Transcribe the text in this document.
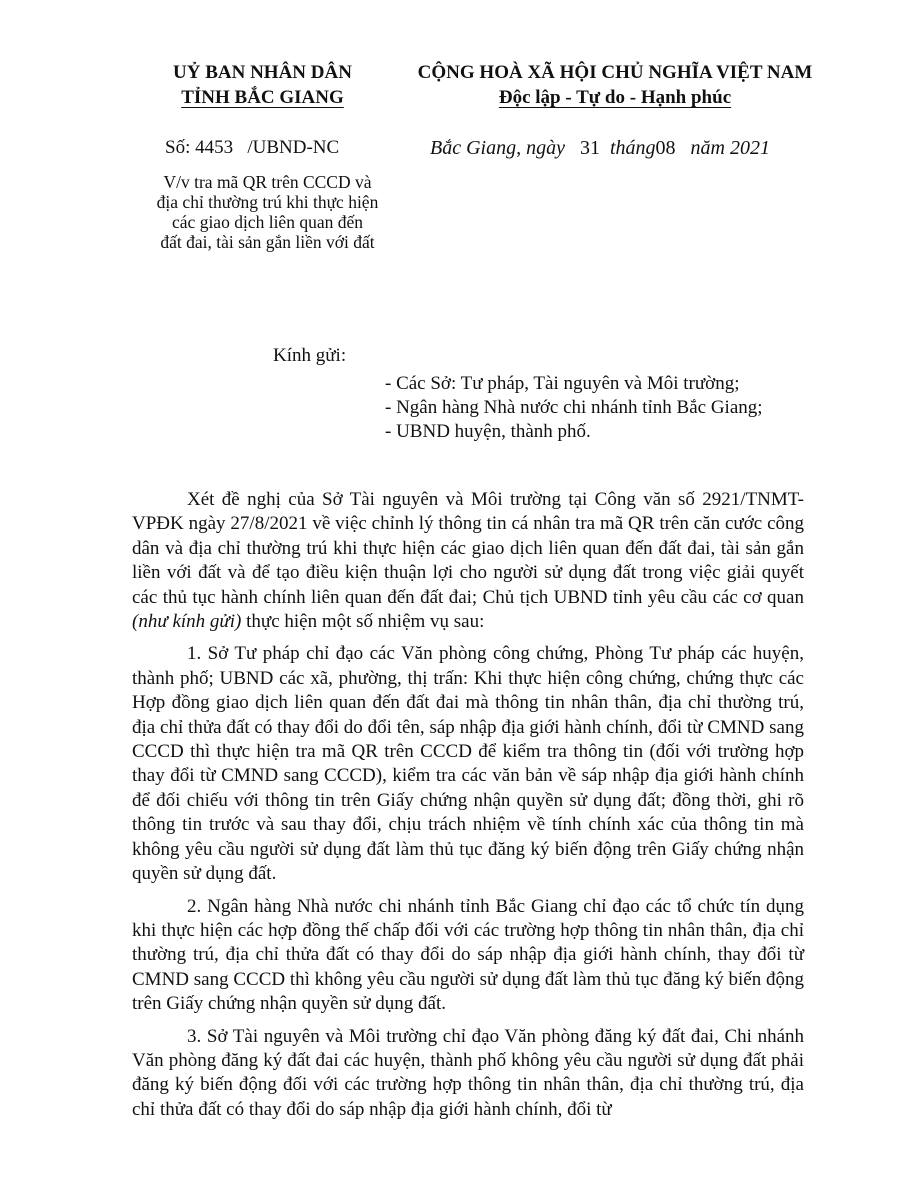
UỶ BAN NHÂN DÂN
TỈNH BẮC GIANG
CỘNG HOÀ XÃ HỘI CHỦ NGHĨA VIỆT NAM
Độc lập - Tự do - Hạnh phúc
Số: 4453 /UBND-NC	Bắc Giang, ngày 31 tháng08 năm 2021
V/v tra mã QR trên CCCD và
địa chỉ thường trú khi thực hiện
các giao dịch liên quan đến
đất đai, tài sản gắn liền với đất
Kính gửi:
- Các Sở: Tư pháp, Tài nguyên và Môi trường;
- Ngân hàng Nhà nước chi nhánh tỉnh Bắc Giang;
- UBND huyện, thành phố.

Xét đề nghị của Sở Tài nguyên và Môi trường tại Công văn số 2921/TNMT-VPĐK ngày 27/8/2021 về việc chỉnh lý thông tin cá nhân tra mã QR trên căn cước công dân và địa chỉ thường trú khi thực hiện các giao dịch liên quan đến đất đai, tài sản gắn liền với đất và để tạo điều kiện thuận lợi cho người sử dụng đất trong việc giải quyết các thủ tục hành chính liên quan đến đất đai; Chủ tịch UBND tỉnh yêu cầu các cơ quan (như kính gửi) thực hiện một số nhiệm vụ sau:

1. Sở Tư pháp chỉ đạo các Văn phòng công chứng, Phòng Tư pháp các huyện, thành phố; UBND các xã, phường, thị trấn: Khi thực hiện công chứng, chứng thực các Hợp đồng giao dịch liên quan đến đất đai mà thông tin nhân thân, địa chỉ thường trú, địa chỉ thửa đất có thay đổi do đổi tên, sáp nhập địa giới hành chính, đổi từ CMND sang CCCD thì thực hiện tra mã QR trên CCCD để kiểm tra thông tin (đối với trường hợp thay đổi từ CMND sang CCCD), kiểm tra các văn bản về sáp nhập địa giới hành chính để đối chiếu với thông tin trên Giấy chứng nhận quyền sử dụng đất; đồng thời, ghi rõ thông tin trước và sau thay đổi, chịu trách nhiệm về tính chính xác của thông tin mà không yêu cầu người sử dụng đất làm thủ tục đăng ký biến động trên Giấy chứng nhận quyền sử dụng đất.

2. Ngân hàng Nhà nước chi nhánh tỉnh Bắc Giang chỉ đạo các tổ chức tín dụng khi thực hiện các hợp đồng thế chấp đối với các trường hợp thông tin nhân thân, địa chỉ thường trú, địa chỉ thửa đất có thay đổi do sáp nhập địa giới hành chính, thay đổi từ CMND sang CCCD thì không yêu cầu người sử dụng đất làm thủ tục đăng ký biến động trên Giấy chứng nhận quyền sử dụng đất.

3. Sở Tài nguyên và Môi trường chỉ đạo Văn phòng đăng ký đất đai, Chi nhánh Văn phòng đăng ký đất đai các huyện, thành phố không yêu cầu người sử dụng đất phải đăng ký biến động đối với các trường hợp thông tin nhân thân, địa chỉ thường trú, địa chỉ thửa đất có thay đổi do sáp nhập địa giới hành chính, đổi từ
